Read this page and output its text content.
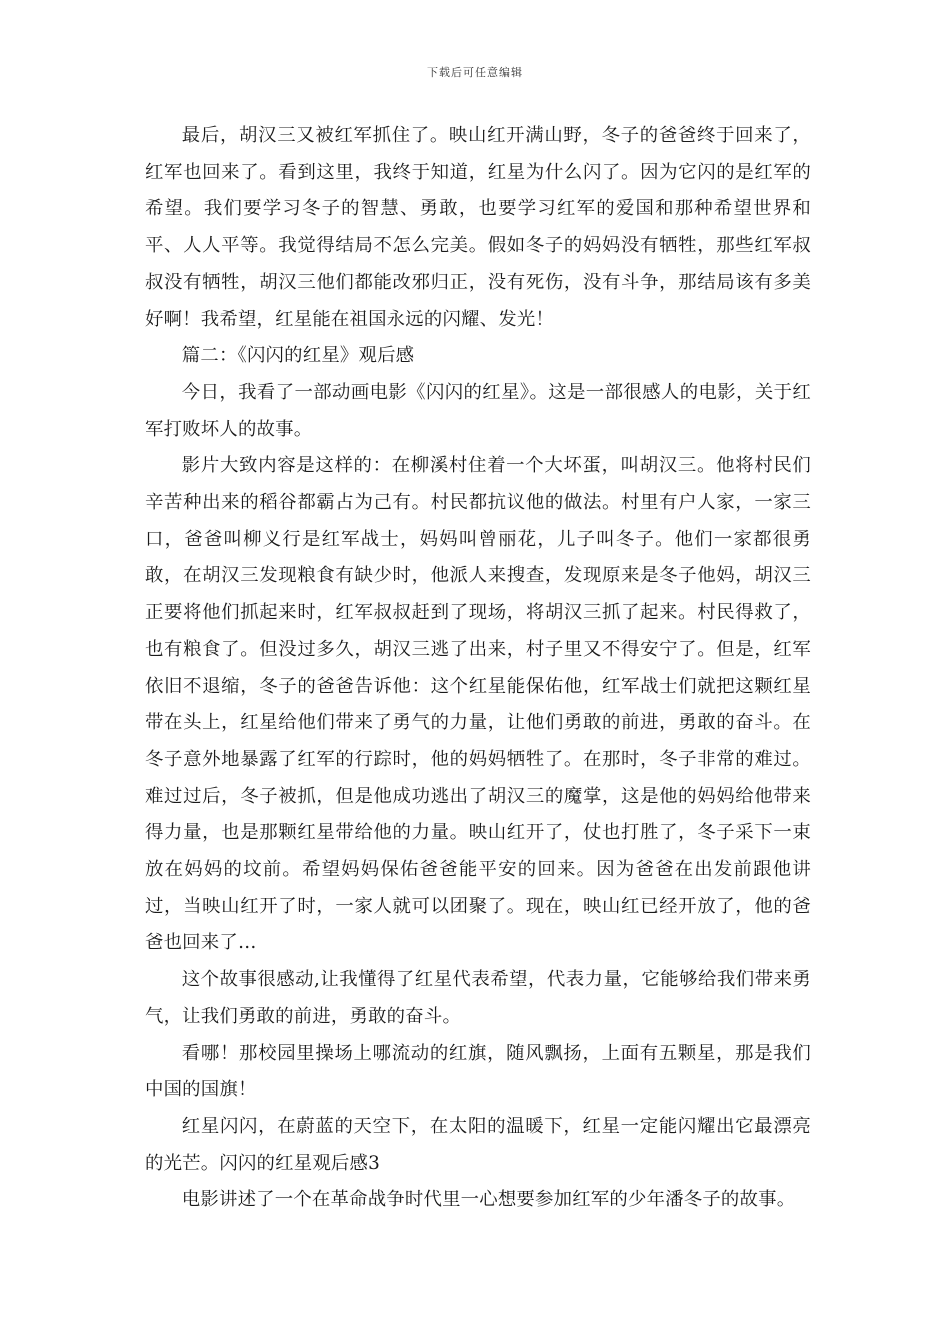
下载后可任意编辑

最后，胡汉三又被红军抓住了。映山红开满山野，冬子的爸爸终于回来了，红军也回来了。看到这里，我终于知道，红星为什么闪了。因为它闪的是红军的希望。我们要学习冬子的智慧、勇敢，也要学习红军的爱国和那种希望世界和平、人人平等。我觉得结局不怎么完美。假如冬子的妈妈没有牺牲，那些红军叔叔没有牺牲，胡汉三他们都能改邪归正，没有死伤，没有斗争，那结局该有多美好啊！我希望，红星能在祖国永远的闪耀、发光！

篇二：《闪闪的红星》观后感

今日，我看了一部动画电影《闪闪的红星》。这是一部很感人的电影，关于红军打败坏人的故事。

影片大致内容是这样的：在柳溪村住着一个大坏蛋，叫胡汉三。他将村民们辛苦种出来的稻谷都霸占为己有。村民都抗议他的做法。村里有户人家，一家三口，爸爸叫柳义行是红军战士，妈妈叫曾丽花，儿子叫冬子。他们一家都很勇敢，在胡汉三发现粮食有缺少时，他派人来搜查，发现原来是冬子他妈，胡汉三正要将他们抓起来时，红军叔叔赶到了现场，将胡汉三抓了起来。村民得救了，也有粮食了。但没过多久，胡汉三逃了出来，村子里又不得安宁了。但是，红军依旧不退缩，冬子的爸爸告诉他：这个红星能保佑他，红军战士们就把这颗红星带在头上，红星给他们带来了勇气的力量，让他们勇敢的前进，勇敢的奋斗。在冬子意外地暴露了红军的行踪时，他的妈妈牺牲了。在那时，冬子非常的难过。难过过后，冬子被抓，但是他成功逃出了胡汉三的魔掌，这是他的妈妈给他带来得力量，也是那颗红星带给他的力量。映山红开了，仗也打胜了，冬子采下一束放在妈妈的坟前。希望妈妈保佑爸爸能平安的回来。因为爸爸在出发前跟他讲过，当映山红开了时，一家人就可以团聚了。现在，映山红已经开放了，他的爸爸也回来了…

这个故事很感动,让我懂得了红星代表希望，代表力量，它能够给我们带来勇气，让我们勇敢的前进，勇敢的奋斗。

看哪！那校园里操场上哪流动的红旗，随风飘扬，上面有五颗星，那是我们中国的国旗！

红星闪闪，在蔚蓝的天空下，在太阳的温暖下，红星一定能闪耀出它最漂亮的光芒。闪闪的红星观后感3

电影讲述了一个在革命战争时代里一心想要参加红军的少年潘冬子的故事。
